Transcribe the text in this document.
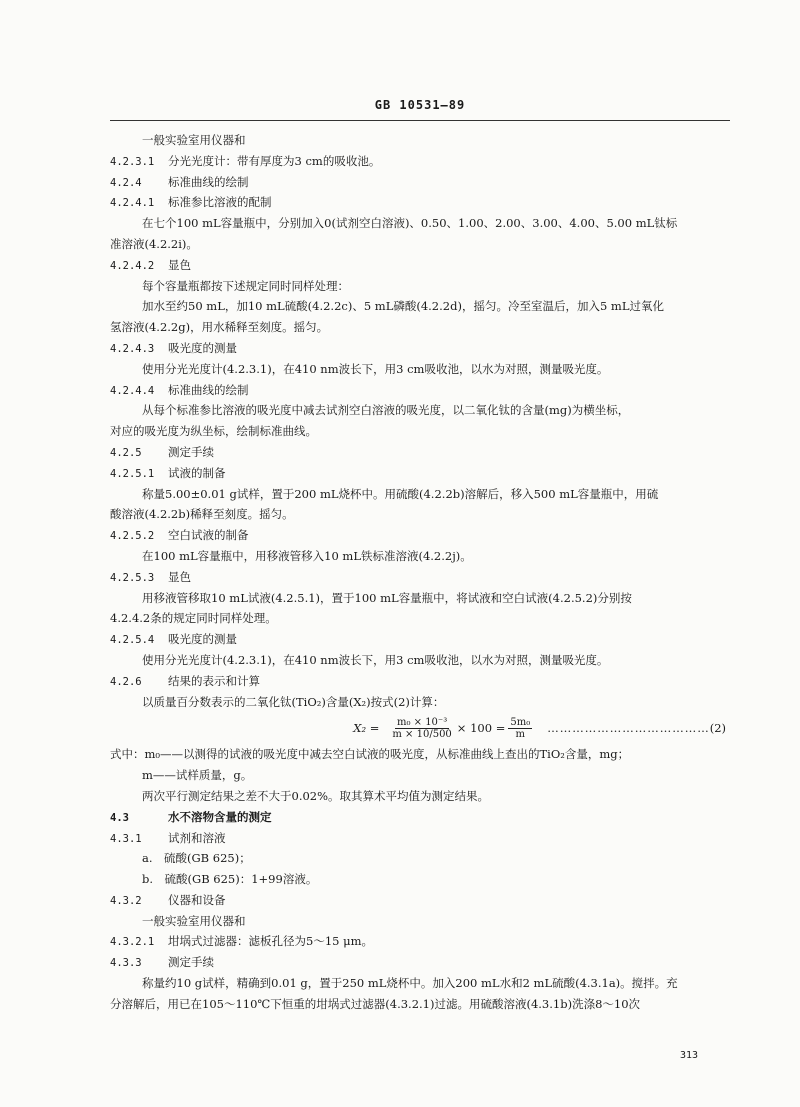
GB 10531—89
一般实验室用仪器和
4.2.3.1 分光光度计：带有厚度为3 cm的吸收池。
4.2.4 标准曲线的绘制
4.2.4.1 标准参比溶液的配制
在七个100 mL容量瓶中，分别加入0(试剂空白溶液)、0.50、1.00、2.00、3.00、4.00、5.00 mL钛标
准溶液(4.2.2i)。
4.2.4.2 显色
每个容量瓶都按下述规定同时同样处理：
加水至约50 mL，加10 mL硫酸(4.2.2c)、5 mL磷酸(4.2.2d)，摇匀。冷至室温后，加入5 mL过氧化
氢溶液(4.2.2g)，用水稀释至刻度。摇匀。
4.2.4.3 吸光度的测量
使用分光光度计(4.2.3.1)，在410 nm波长下，用3 cm吸收池，以水为对照，测量吸光度。
4.2.4.4 标准曲线的绘制
从每个标准参比溶液的吸光度中减去试剂空白溶液的吸光度，以二氧化钛的含量(mg)为横坐标，
对应的吸光度为纵坐标，绘制标准曲线。
4.2.5 测定手续
4.2.5.1 试液的制备
称量5.00±0.01 g试样，置于200 mL烧杯中。用硫酸(4.2.2b)溶解后，移入500 mL容量瓶中，用硫
酸溶液(4.2.2b)稀释至刻度。摇匀。
4.2.5.2 空白试液的制备
在100 mL容量瓶中，用移液管移入10 mL铁标准溶液(4.2.2j)。
4.2.5.3 显色
用移液管移取10 mL试液(4.2.5.1)，置于100 mL容量瓶中，将试液和空白试液(4.2.5.2)分别按
4.2.4.2条的规定同时同样处理。
4.2.5.4 吸光度的测量
使用分光光度计(4.2.3.1)，在410 nm波长下，用3 cm吸收池，以水为对照，测量吸光度。
4.2.6 结果的表示和计算
以质量百分数表示的二氧化钛(TiO₂)含量(X₂)按式(2)计算：
$X_2 = \frac{\text{m₀ × 10⁻³}}{m \times 10/500} \times 100 = \frac{\text{5m₀}}{m}$ ………………………………… (2)
式中：m₀——以测得的试液的吸光度中减去空白试液的吸光度，从标准曲线上查出的TiO₂含量，mg；
m——试样质量，g。
两次平行测定结果之差不大于0.02%。取其算术平均值为测定结果。
4.3	水不溶物含量的测定
4.3.1 试剂和溶液
a.　硫酸(GB 625)；
b.　硫酸(GB 625)：1+99溶液。
4.3.2 仪器和设备
一般实验室用仪器和
4.3.2.1 坩埚式过滤器：滤板孔径为5～15 μm。
4.3.3 测定手续
称量约10 g试样，精确到0.01 g，置于250 mL烧杯中。加入200 mL水和2 mL硫酸(4.3.1a)。搅拌。充
分溶解后，用已在105～110℃下恒重的坩埚式过滤器(4.3.2.1)过滤。用硫酸溶液(4.3.1b)洗涤8～10次
313
